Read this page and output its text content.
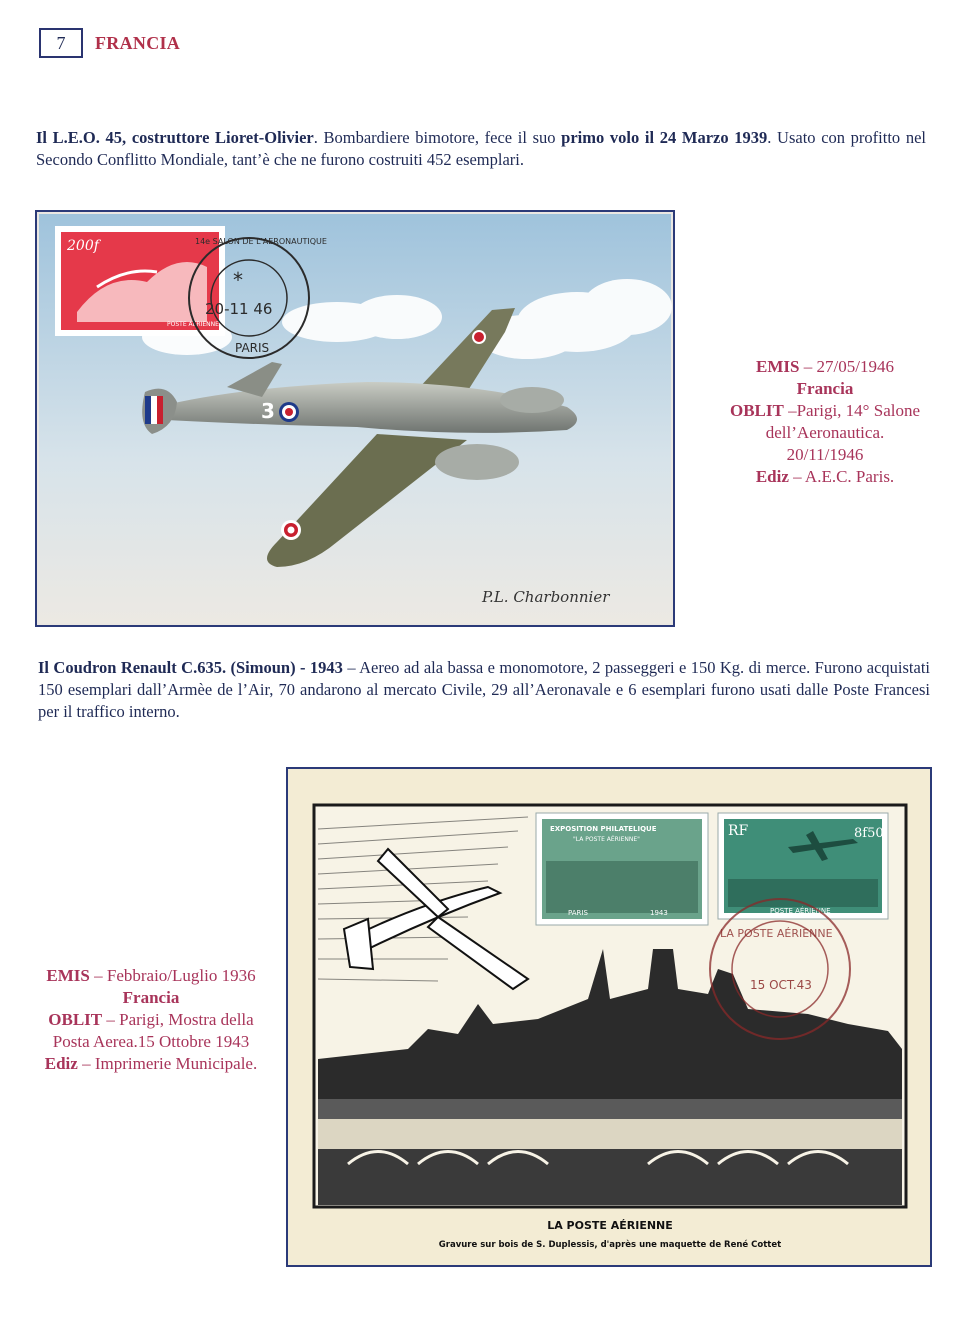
7	FRANCIA
Il L.E.O. 45, costruttore Lioret-Olivier. Bombardiere bimotore, fece il suo primo volo il 24 Marzo 1939. Usato con profitto nel Secondo Conflitto Mondiale, tant’è che ne furono costruiti 452 esemplari.
3
200f
POSTE AÉRIENNE
*
20-11 46
14e SALON DE L'AERONAUTIQUE
PARIS
P.L. Charbonnier
EMIS – 27/05/1946
Francia
OBLIT –Parigi, 14° Salone
dell’Aeronautica.
20/11/1946
Ediz – A.E.C. Paris.
Il Coudron Renault C.635. (Simoun) - 1943 – Aereo ad ala bassa e monomotore, 2 passeggeri e 150 Kg. di merce. Furono acquistati 150 esemplari dall’Armèe de l’Air, 70 andarono al mercato Civile, 29 all’Aeronavale e 6 esemplari furono usati dalle Poste Francesi per il traffico interno.
EMIS – Febbraio/Luglio 1936
Francia
OBLIT – Parigi, Mostra della
Posta Aerea.15 Ottobre 1943
Ediz – Imprimerie Municipale.
EXPOSITION PHILATELIQUE
"LA POSTE AÉRIENNE"
PARIS	1943
RF	8f50
POSTE AÉRIENNE
LA POSTE AÉRIENNE
15 OCT.43
LA POSTE AÉRIENNE
Gravure sur bois de S. Duplessis, d'après une maquette de René Cottet
